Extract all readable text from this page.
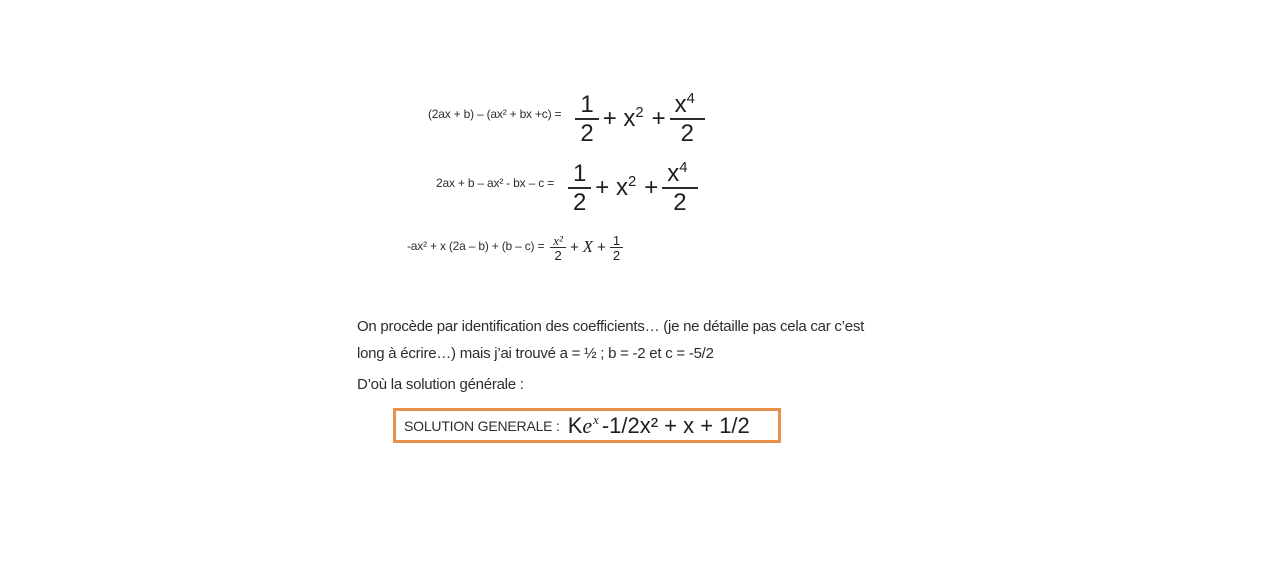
(2ax + b) – (ax² + bx $+c) = \frac{1}{2} + x^2 + \frac{x^4}{2}$
2ax + b – ax² - bx – $c = \frac{1}{2} + x^2 + \frac{x^4}{2}$
-ax² + x $(2a - b) + (b - c) = \frac{\text{x²}}{2} + X + \frac{1}{2}$
On procède par identification des coefficients… (je ne détaille pas cela car c’est
long à écrire…) mais j’ai trouvé a = ½ ; b = -2 et c = -5/2
D’où la solution générale :
SOLUTION GENERALE : Ke$^x$ -1/2x² + x + 1/2
